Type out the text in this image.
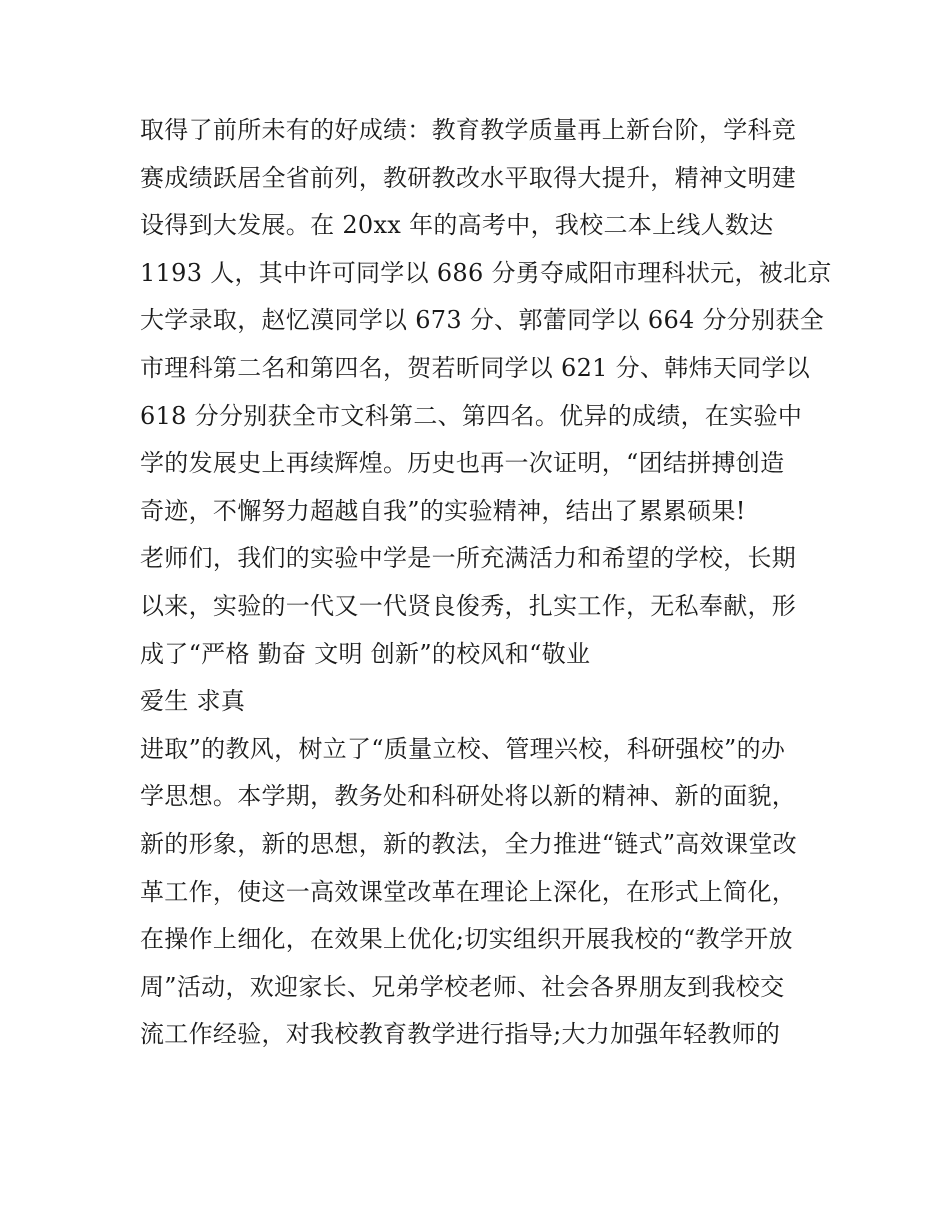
取得了前所未有的好成绩：教育教学质量再上新台阶，学科竞
赛成绩跃居全省前列，教研教改水平取得大提升，精神文明建
设得到大发展。在 20xx 年的高考中，我校二本上线人数达
1193 人，其中许可同学以 686 分勇夺咸阳市理科状元，被北京
大学录取，赵忆漠同学以 673 分、郭蕾同学以 664 分分别获全
市理科第二名和第四名，贺若昕同学以 621 分、韩炜天同学以
618 分分别获全市文科第二、第四名。优异的成绩，在实验中
学的发展史上再续辉煌。历史也再一次证明，“团结拼搏创造
奇迹，不懈努力超越自我”的实验精神，结出了累累硕果!
老师们，我们的实验中学是一所充满活力和希望的学校，长期
以来，实验的一代又一代贤良俊秀，扎实工作，无私奉献，形
成了“严格 勤奋 文明 创新”的校风和“敬业
爱生 求真
进取”的教风，树立了“质量立校、管理兴校，科研强校”的办
学思想。本学期，教务处和科研处将以新的精神、新的面貌，
新的形象，新的思想，新的教法，全力推进“链式”高效课堂改
革工作，使这一高效课堂改革在理论上深化，在形式上简化，
在操作上细化，在效果上优化;切实组织开展我校的“教学开放
周”活动，欢迎家长、兄弟学校老师、社会各界朋友到我校交
流工作经验，对我校教育教学进行指导;大力加强年轻教师的
